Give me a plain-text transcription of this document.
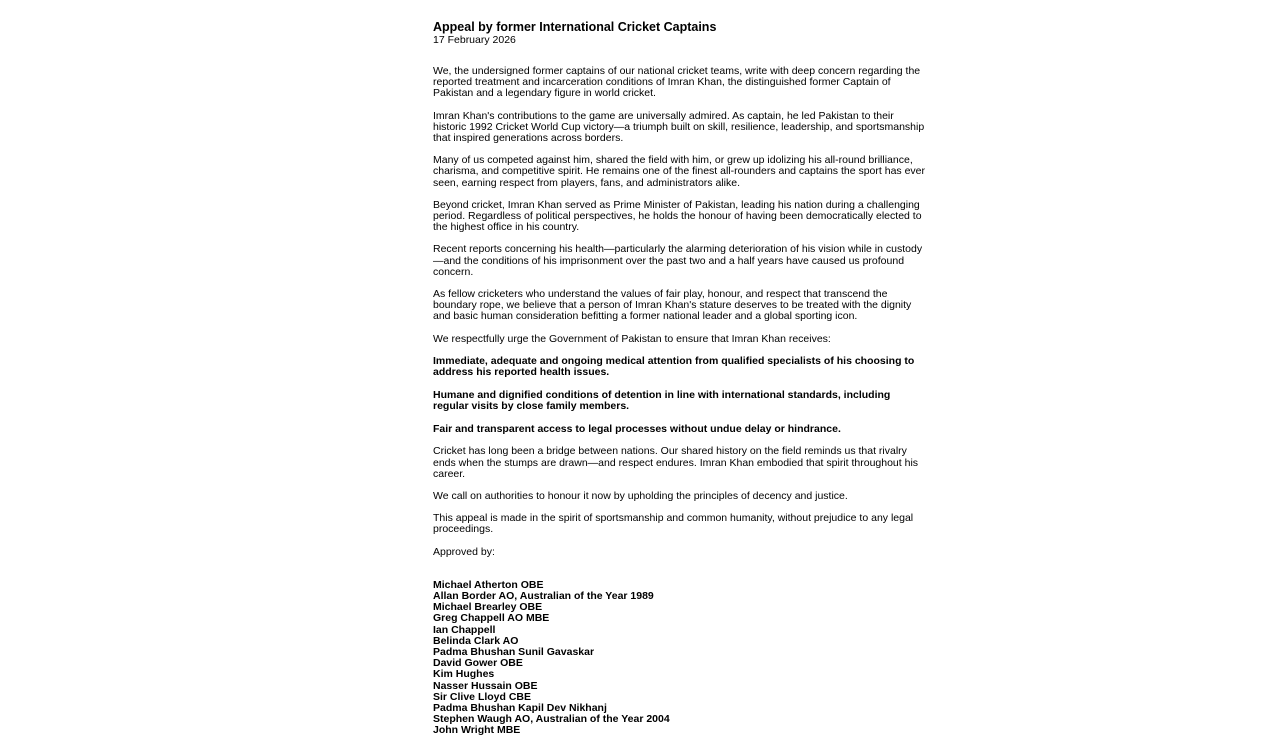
Appeal by former International Cricket Captains
17 February 2026

We, the undersigned former captains of our national cricket teams, write with deep concern regarding the reported treatment and incarceration conditions of Imran Khan, the distinguished former Captain of Pakistan and a legendary figure in world cricket.

Imran Khan's contributions to the game are universally admired. As captain, he led Pakistan to their historic 1992 Cricket World Cup victory—a triumph built on skill, resilience, leadership, and sportsmanship that inspired generations across borders.

Many of us competed against him, shared the field with him, or grew up idolizing his all-round brilliance, charisma, and competitive spirit. He remains one of the finest all-rounders and captains the sport has ever seen, earning respect from players, fans, and administrators alike.

Beyond cricket, Imran Khan served as Prime Minister of Pakistan, leading his nation during a challenging period. Regardless of political perspectives, he holds the honour of having been democratically elected to the highest office in his country.

Recent reports concerning his health—particularly the alarming deterioration of his vision while in custody—and the conditions of his imprisonment over the past two and a half years have caused us profound concern.

As fellow cricketers who understand the values of fair play, honour, and respect that transcend the boundary rope, we believe that a person of Imran Khan's stature deserves to be treated with the dignity and basic human consideration befitting a former national leader and a global sporting icon.

We respectfully urge the Government of Pakistan to ensure that Imran Khan receives:

Immediate, adequate and ongoing medical attention from qualified specialists of his choosing to address his reported health issues.

Humane and dignified conditions of detention in line with international standards, including regular visits by close family members.

Fair and transparent access to legal processes without undue delay or hindrance.

Cricket has long been a bridge between nations. Our shared history on the field reminds us that rivalry ends when the stumps are drawn—and respect endures. Imran Khan embodied that spirit throughout his career.

We call on authorities to honour it now by upholding the principles of decency and justice.

This appeal is made in the spirit of sportsmanship and common humanity, without prejudice to any legal proceedings.

Approved by:
Michael Atherton OBE
Allan Border AO, Australian of the Year 1989
Michael Brearley OBE
Greg Chappell AO MBE
Ian Chappell
Belinda Clark AO
Padma Bhushan Sunil Gavaskar
David Gower OBE
Kim Hughes
Nasser Hussain OBE
Sir Clive Lloyd CBE
Padma Bhushan Kapil Dev Nikhanj
Stephen Waugh AO, Australian of the Year 2004
John Wright MBE
